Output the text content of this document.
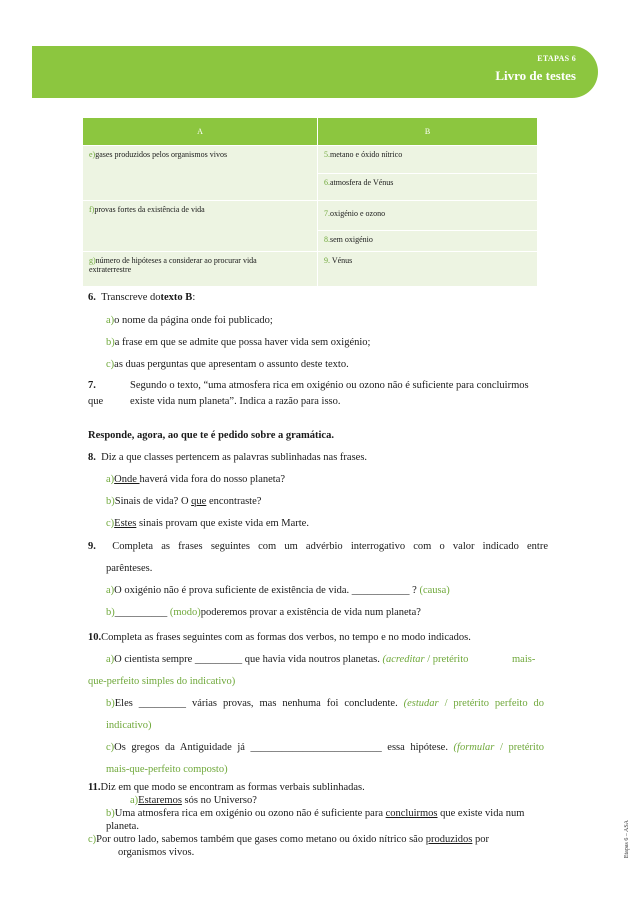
ETAPAS 6
Livro de testes
A	B
e)gases produzidos pelos organismos vivos	5.metano e óxido nítrico
	6.atmosfera de Vénus
f)provas fortes da existência de vida	7.oxigénio e ozono
	8.sem oxigénio
g)número de hipóteses a considerar ao procurar vida extraterrestre	9. Vénus
6. Transcreve dotexto B:
a)o nome da página onde foi publicado;
b)a frase em que se admite que possa haver vida sem oxigénio;
c)as duas perguntas que apresentam o assunto deste texto.
7.	Segundo o texto, “uma atmosfera rica em oxigénio ou ozono não é suficiente para concluirmos
que	existe vida num planeta”. Indica a razão para isso.
Responde, agora, ao que te é pedido sobre a gramática.
8. Diz a que classes pertencem as palavras sublinhadas nas frases.
a)Onde haverá vida fora do nosso planeta?
b)Sinais de vida? O que encontraste?
c)Estes sinais provam que existe vida em Marte.
9. Completa as frases seguintes com um advérbio interrogativo com o valor indicado entre
parênteses.
a)O oxigénio não é prova suficiente de existência de vida. ___________ ? (causa)
b)__________ (modo)poderemos provar a existência de vida num planeta?
10.Completa as frases seguintes com as formas dos verbos, no tempo e no modo indicados.
a)O cientista sempre _________ que havia vida noutros planetas. (acreditar / pretérito	mais-
que-perfeito simples do indicativo)
b)Eles _________ várias provas, mas nenhuma foi concludente. (estudar / pretérito perfeito do
indicativo)
c)Os gregos da Antiguidade já _________________________ essa hipótese. (formular / pretérito
mais-que-perfeito composto)
11.Diz em que modo se encontram as formas verbais sublinhadas.
a)Estaremos sós no Universo?
b)Uma atmosfera rica em oxigénio ou ozono não é suficiente para concluirmos que existe vida num
planeta.
c)Por outro lado, sabemos também que gases como metano ou óxido nítrico são produzidos por
organismos vivos.	Etapas 6 – ASA
